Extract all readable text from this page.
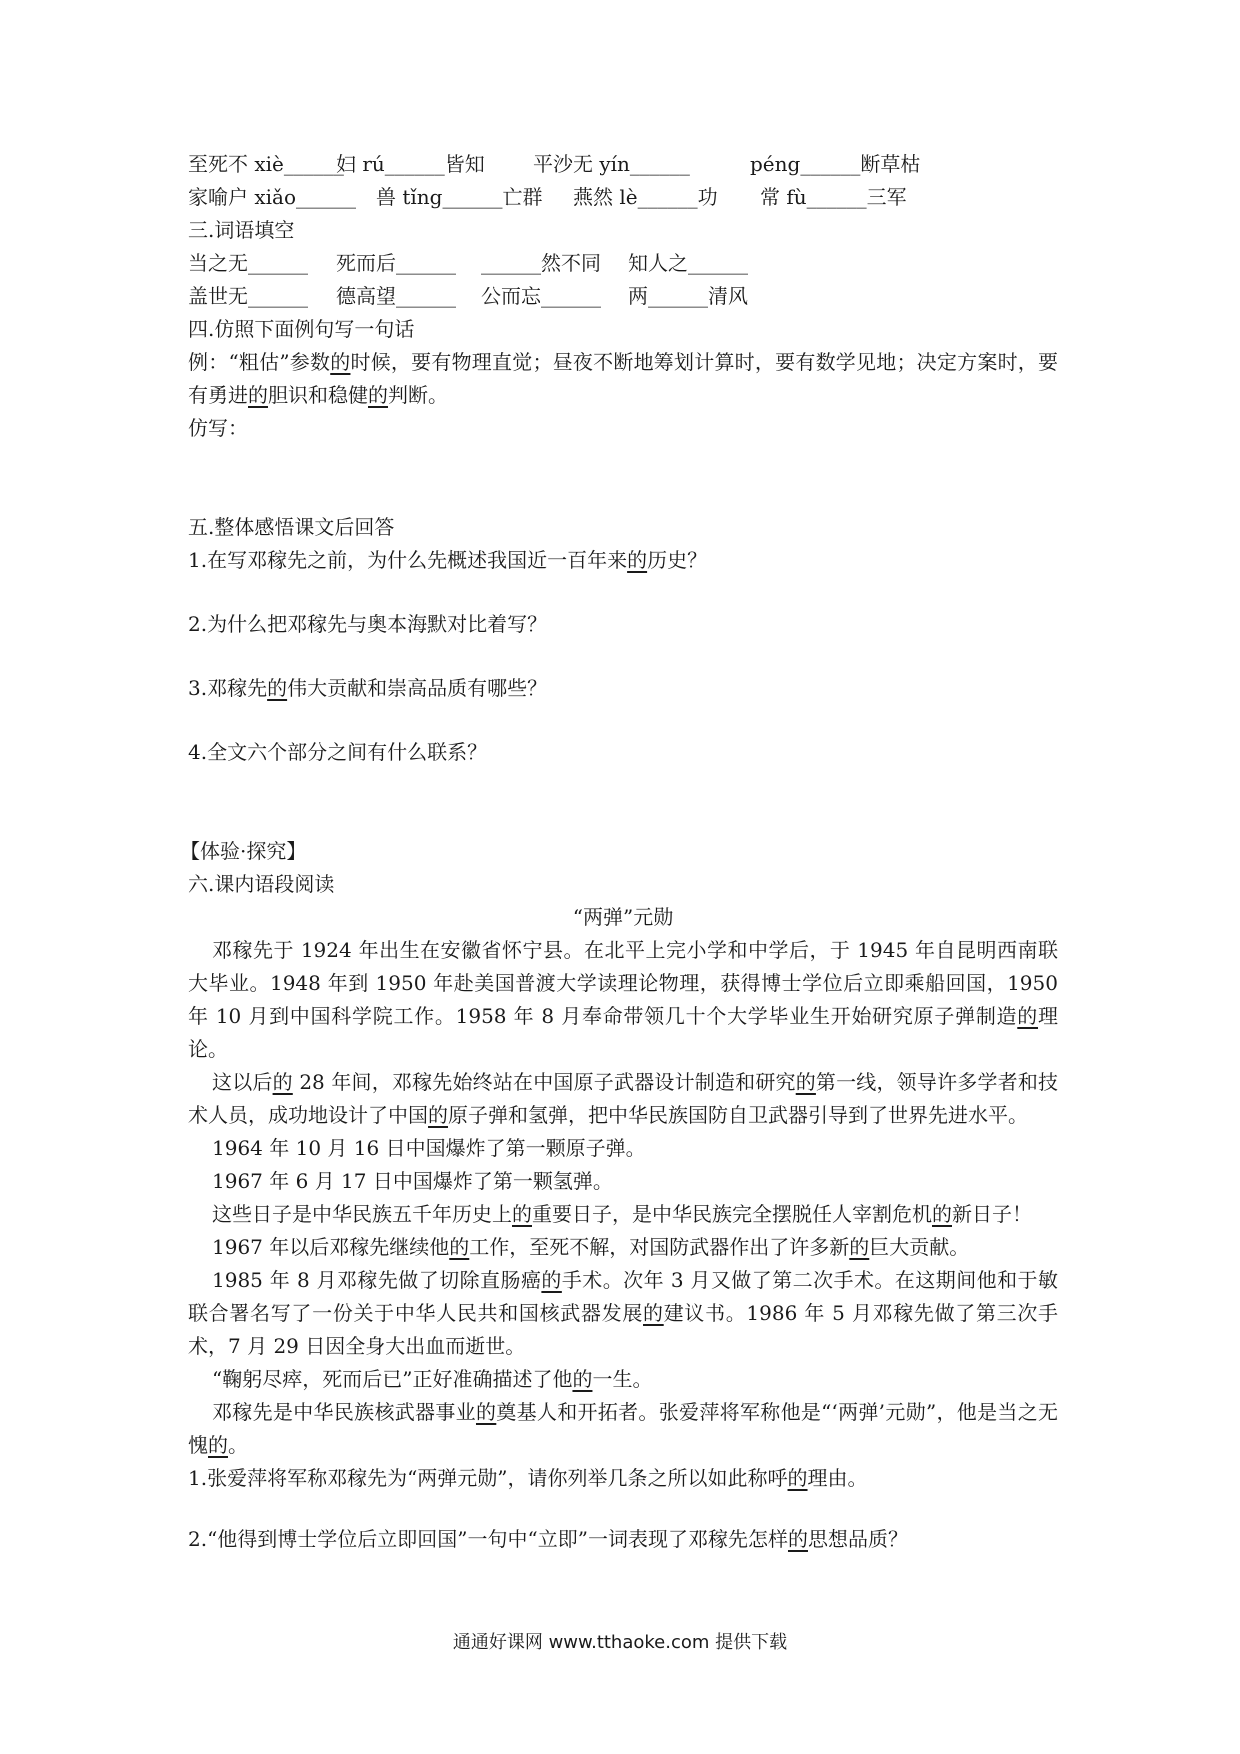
至死不 xiè______
妇 rú______皆知 平沙无 yín______	péng______断草枯
家喻户 xiǎo______ 兽 tǐng______亡群 燕然 lè______功 常 fù______三军
三.词语填空
当之无______ 死而后______ ______然不同 知人之______
盖世无______ 德高望______ 公而忘______ 两______清风
四.仿照下面例句写一句话
例：“粗估”参数的时候，要有物理直觉；昼夜不断地筹划计算时，要有数学见地；决定方案时，要有勇进的胆识和稳健的判断。
仿写：
五.整体感悟课文后回答
1.在写邓稼先之前，为什么先概述我国近一百年来的历史？
2.为什么把邓稼先与奥本海默对比着写？
3.邓稼先的伟大贡献和崇高品质有哪些？
4.全文六个部分之间有什么联系？
【体验·探究】
六.课内语段阅读
“两弹”元勋
邓稼先于 1924 年出生在安徽省怀宁县。在北平上完小学和中学后，于 1945 年自昆明西南联大毕业。1948 年到 1950 年赴美国普渡大学读理论物理，获得博士学位后立即乘船回国，1950 年 10 月到中国科学院工作。1958 年 8 月奉命带领几十个大学毕业生开始研究原子弹制造的理论。
这以后的 28 年间，邓稼先始终站在中国原子武器设计制造和研究的第一线，领导许多学者和技术人员，成功地设计了中国的原子弹和氢弹，把中华民族国防自卫武器引导到了世界先进水平。
1964 年 10 月 16 日中国爆炸了第一颗原子弹。
1967 年 6 月 17 日中国爆炸了第一颗氢弹。
这些日子是中华民族五千年历史上的重要日子，是中华民族完全摆脱任人宰割危机的新日子！
1967 年以后邓稼先继续他的工作，至死不解，对国防武器作出了许多新的巨大贡献。
1985 年 8 月邓稼先做了切除直肠癌的手术。次年 3 月又做了第二次手术。在这期间他和于敏联合署名写了一份关于中华人民共和国核武器发展的建议书。1986 年 5 月邓稼先做了第三次手术，7 月 29 日因全身大出血而逝世。
“鞠躬尽瘁，死而后已”正好准确描述了他的一生。
邓稼先是中华民族核武器事业的奠基人和开拓者。张爱萍将军称他是“‘两弹’元勋”，他是当之无愧的。
1.张爱萍将军称邓稼先为“两弹元勋”，请你列举几条之所以如此称呼的理由。
2.“他得到博士学位后立即回国”一句中“立即”一词表现了邓稼先怎样的思想品质？
通通好课网 www.tthaoke.com 提供下载
